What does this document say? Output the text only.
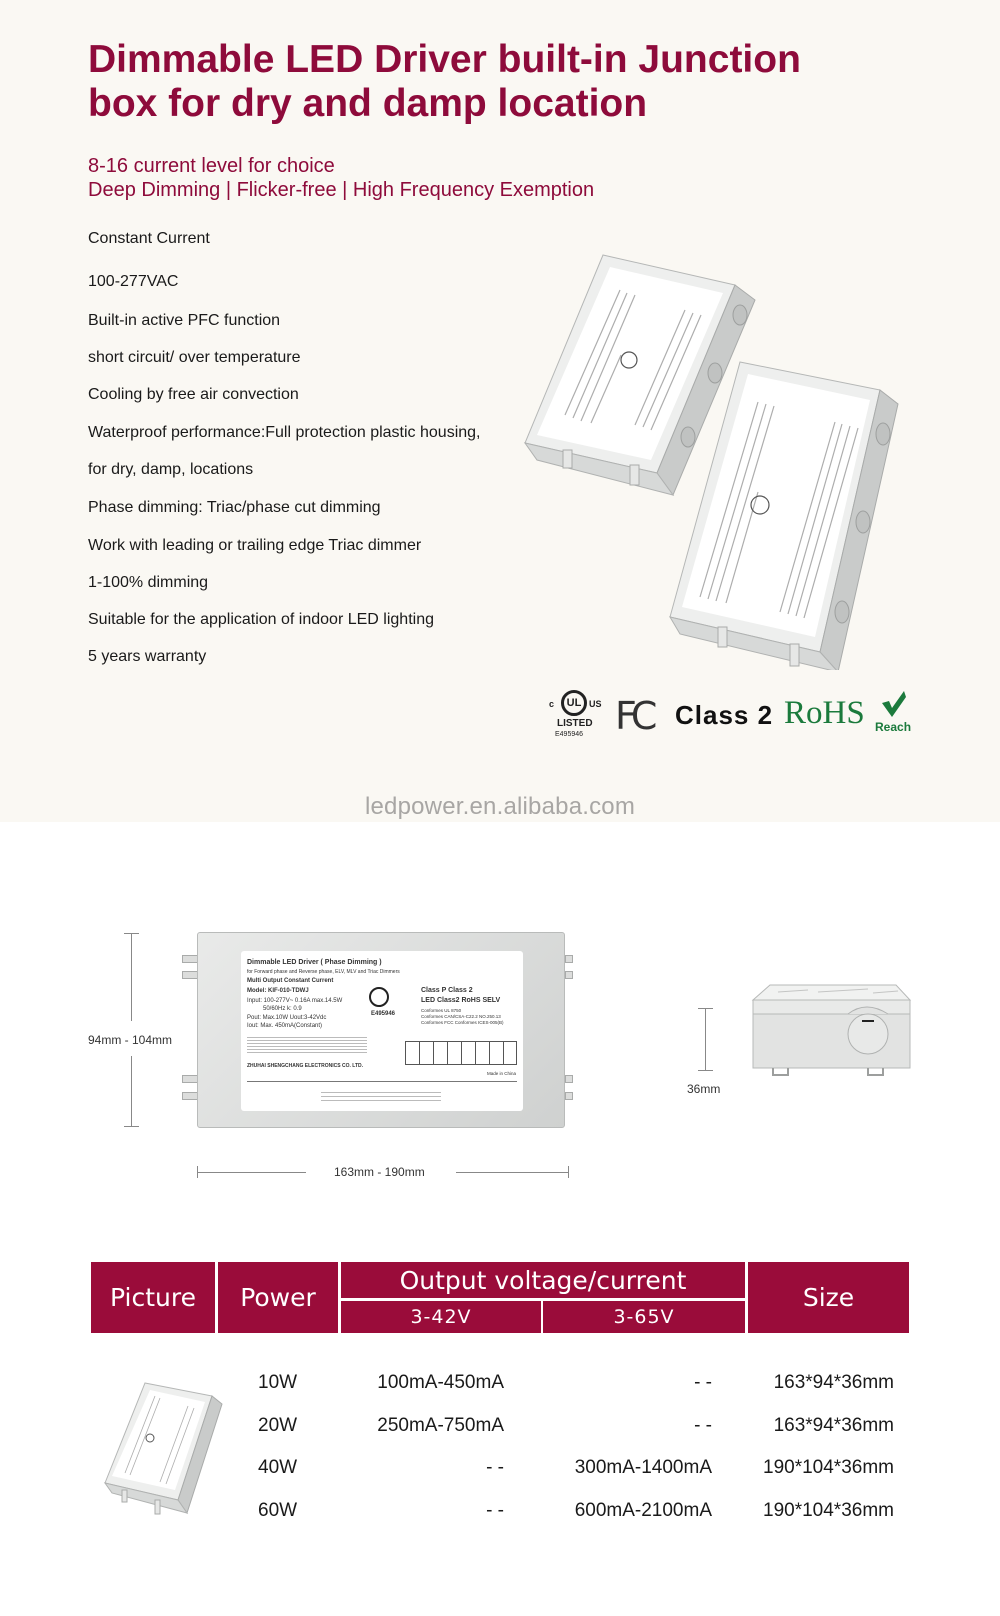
Dimmable LED Driver built-in Junction
box for dry and damp location
8-16 current level for choice
Deep Dimming | Flicker-free | High Frequency Exemption
Constant Current
100-277VAC
Built-in active PFC function
short circuit/ over temperature
Cooling by free air convection
Waterproof performance:Full protection plastic housing,
for dry, damp, locations
Phase dimming: Triac/phase cut dimming
Work with leading or trailing edge Triac dimmer
1-100% dimming
Suitable for the application of indoor LED lighting
5 years warranty
c	UL US
LISTED
E495946 FC Class 2 RoHS Reach
ledpower.en.alibaba.com
94mm - 104mm
Dimmable LED Driver ( Phase Dimming )
for Forward phase and Reverse phase, ELV, MLV and Triac Dimmers
Multi Output Constant Current
Model: KIF-010-TDWJ
Input: 100-277V~ 0.16A max.14.5W
50/60Hz k: 0.9
Pout: Max.10W Uout:3-42Vdc
Iout: Max. 450mA(Constant)
E495946
Class P Class 2
LED Class2 RoHS SELV
Conformes UL 8750
Conformes CAN/CSA-C22.2 NO.250.13
Conformes FCC Conformes ICES-005(B)
ZHUHAI SHENGCHANG ELECTRONICS CO. LTD.
Made in China
163mm - 190mm
36mm
Picture	Power
Output voltage/current
3-42V	3-65V
Size
10W	100mA-450mA	- -	163*94*36mm
20W	250mA-750mA	- -	163*94*36mm
40W	- -	300mA-1400mA	190*104*36mm
60W	- -	600mA-2100mA	190*104*36mm
